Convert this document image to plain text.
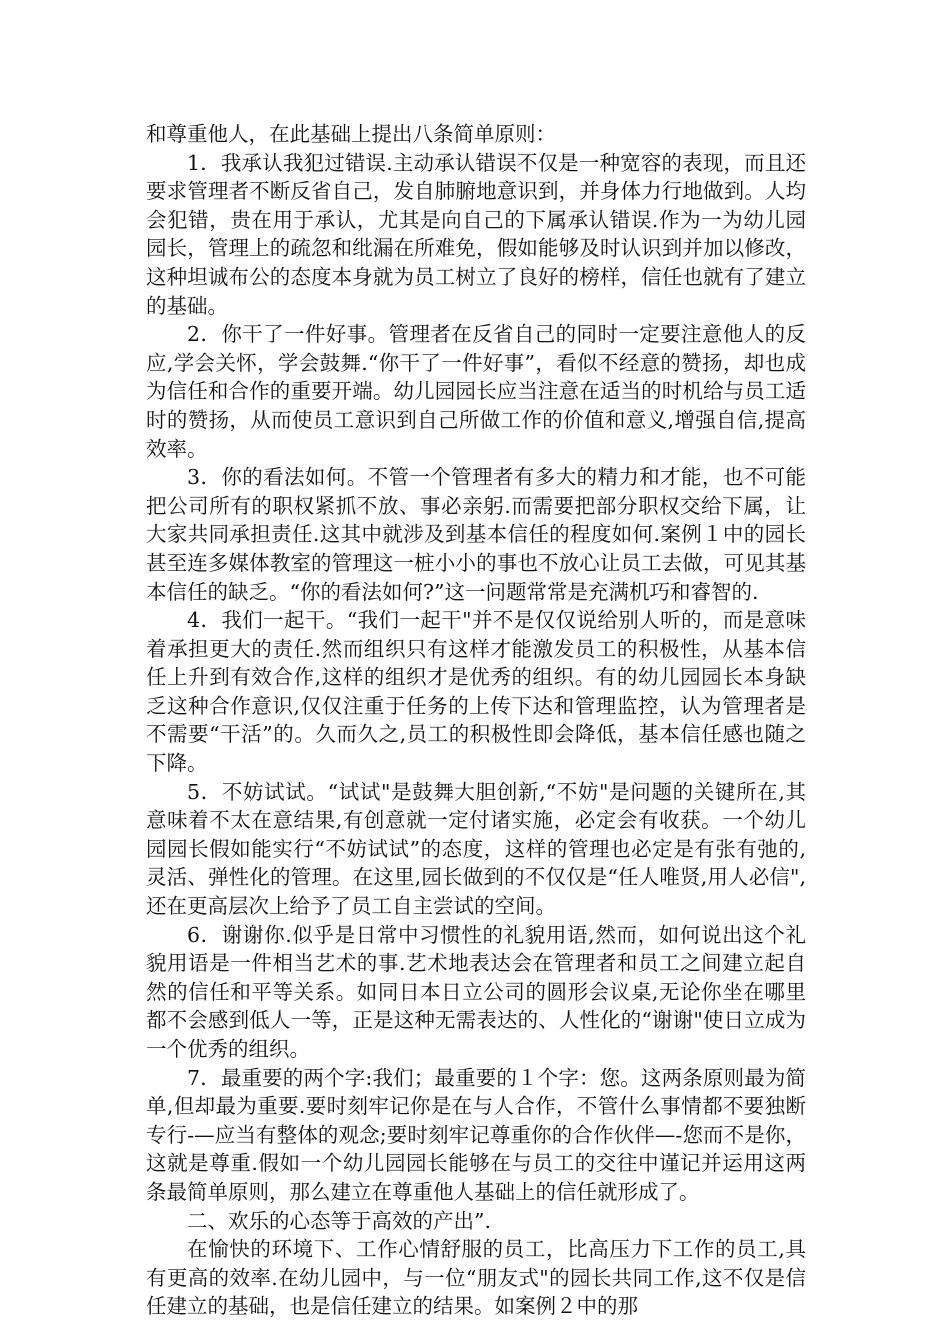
和尊重他人，在此基础上提出八条简单原则：

1．我承认我犯过错误.主动承认错误不仅是一种宽容的表现，而且还要求管理者不断反省自己，发自肺腑地意识到，并身体力行地做到。人均会犯错，贵在用于承认，尤其是向自己的下属承认错误.作为一为幼儿园园长，管理上的疏忽和纰漏在所难免，假如能够及时认识到并加以修改，这种坦诚布公的态度本身就为员工树立了良好的榜样，信任也就有了建立的基础。

2．你干了一件好事。管理者在反省自己的同时一定要注意他人的反应,学会关怀，学会鼓舞.“你干了一件好事”，看似不经意的赞扬，却也成为信任和合作的重要开端。幼儿园园长应当注意在适当的时机给与员工适时的赞扬，从而使员工意识到自己所做工作的价值和意义,增强自信,提高效率。

3．你的看法如何。不管一个管理者有多大的精力和才能，也不可能把公司所有的职权紧抓不放、事必亲躬.而需要把部分职权交给下属，让大家共同承担责任.这其中就涉及到基本信任的程度如何.案例１中的园长甚至连多媒体教室的管理这一桩小小的事也不放心让员工去做，可见其基本信任的缺乏。“你的看法如何?”这一问题常常是充满机巧和睿智的.

4．我们一起干。“我们一起干"并不是仅仅说给别人听的，而是意味着承担更大的责任.然而组织只有这样才能激发员工的积极性，从基本信任上升到有效合作,这样的组织才是优秀的组织。有的幼儿园园长本身缺乏这种合作意识,仅仅注重于任务的上传下达和管理监控，认为管理者是不需要“干活”的。久而久之,员工的积极性即会降低，基本信任感也随之下降。

5．不妨试试。“试试"是鼓舞大胆创新,“不妨"是问题的关键所在,其意味着不太在意结果,有创意就一定付诸实施，必定会有收获。一个幼儿园园长假如能实行“不妨试试”的态度，这样的管理也必定是有张有弛的,灵活、弹性化的管理。在这里,园长做到的不仅仅是“任人唯贤,用人必信",还在更高层次上给予了员工自主尝试的空间。

6．谢谢你.似乎是日常中习惯性的礼貌用语,然而，如何说出这个礼貌用语是一件相当艺术的事.艺术地表达会在管理者和员工之间建立起自然的信任和平等关系。如同日本日立公司的圆形会议桌,无论你坐在哪里都不会感到低人一等，正是这种无需表达的、人性化的“谢谢"使日立成为一个优秀的组织。

7．最重要的两个字:我们；最重要的１个字：您。这两条原则最为简单,但却最为重要.要时刻牢记你是在与人合作，不管什么事情都不要独断专行-—应当有整体的观念;要时刻牢记尊重你的合作伙伴—-您而不是你，这就是尊重.假如一个幼儿园园长能够在与员工的交往中谨记并运用这两条最简单原则，那么建立在尊重他人基础上的信任就形成了。

二、欢乐的心态等于高效的产出”.

在愉快的环境下、工作心情舒服的员工，比高压力下工作的员工,具有更高的效率.在幼儿园中，与一位“朋友式"的园长共同工作,这不仅是信任建立的基础，也是信任建立的结果。如案例２中的那
